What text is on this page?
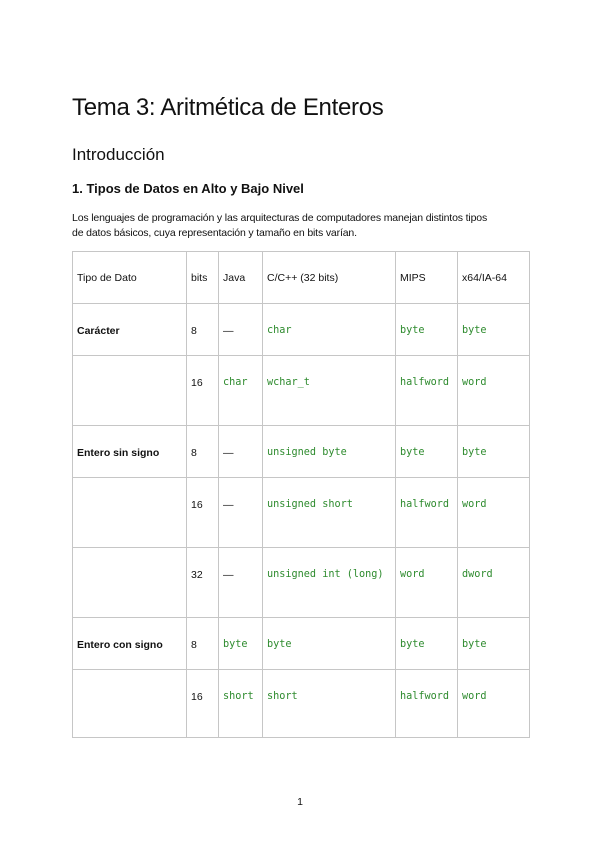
Tema 3: Aritmética de Enteros
Introducción
1. Tipos de Datos en Alto y Bajo Nivel

Los lenguajes de programación y las arquitecturas de computadores manejan distintos tipos
de datos básicos, cuya representación y tamaño en bits varían.

Tipo de Dato	bits	Java	C/C++ (32 bits)	MIPS	x64/IA-64
Carácter	8	—	char	byte	byte
	16	char	wchar_t	halfword	word
Entero sin signo	8	—	unsigned byte	byte	byte
	16	—	unsigned short	halfword	word
	32	—	unsigned int (long)	word	dword
Entero con signo	8	byte	byte	byte	byte
	16	short	short	halfword	word
1
